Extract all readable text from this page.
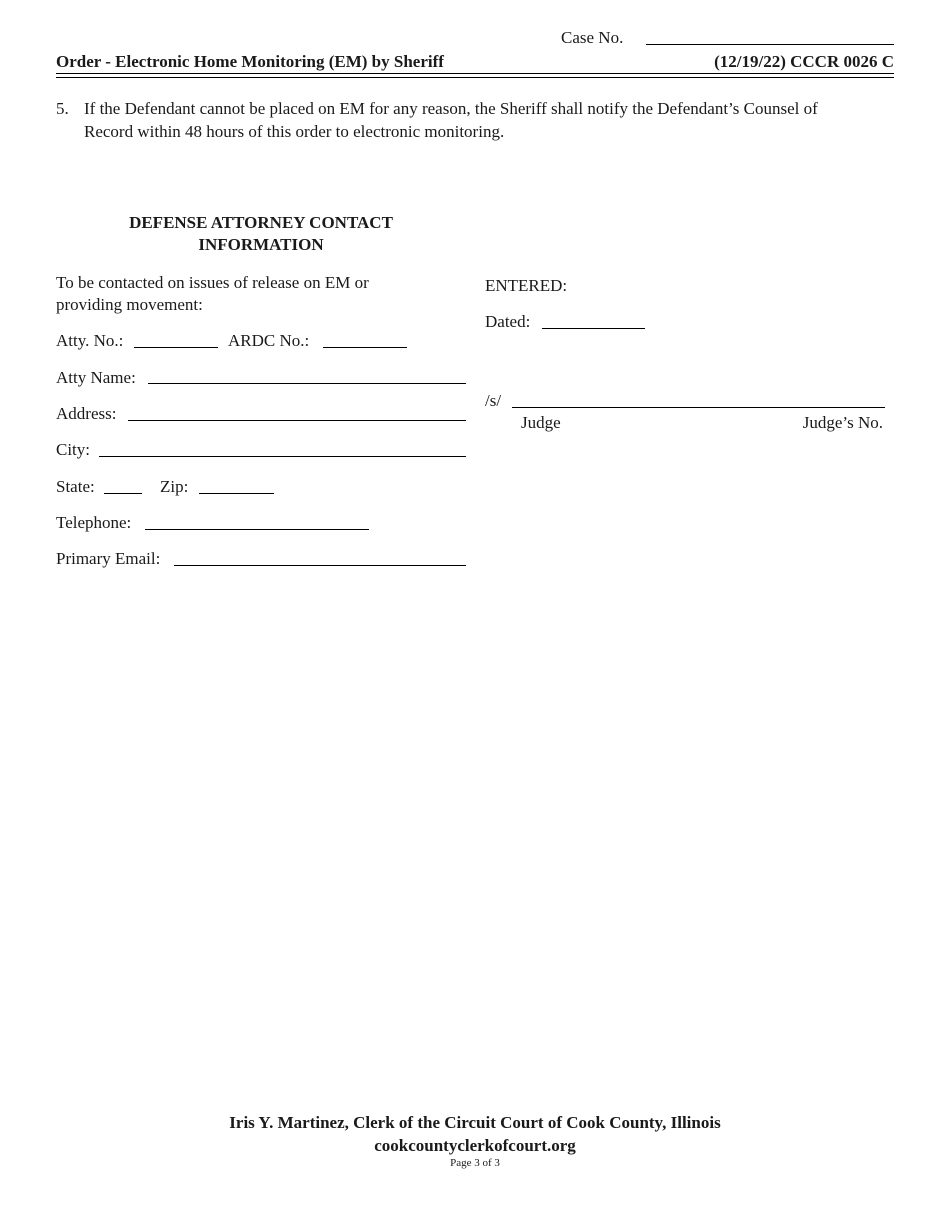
Case No.
Order - Electronic Home Monitoring (EM) by Sheriff	(12/19/22) CCCR 0026 C
5. If the Defendant cannot be placed on EM for any reason, the Sheriff shall notify the Defendant’s Counsel of
Record within 48 hours of this order to electronic monitoring.
DEFENSE ATTORNEY CONTACT
INFORMATION
To be contacted on issues of release on EM or
providing movement:
Atty. No.:	ARDC No.:
Atty Name:
Address:
City:
State:	Zip:
Telephone:
Primary Email:
ENTERED:
Dated:
/s/
Judge	Judge’s No.
Iris Y. Martinez, Clerk of the Circuit Court of Cook County, Illinois
cookcountyclerkofcourt.org
Page 3 of 3
